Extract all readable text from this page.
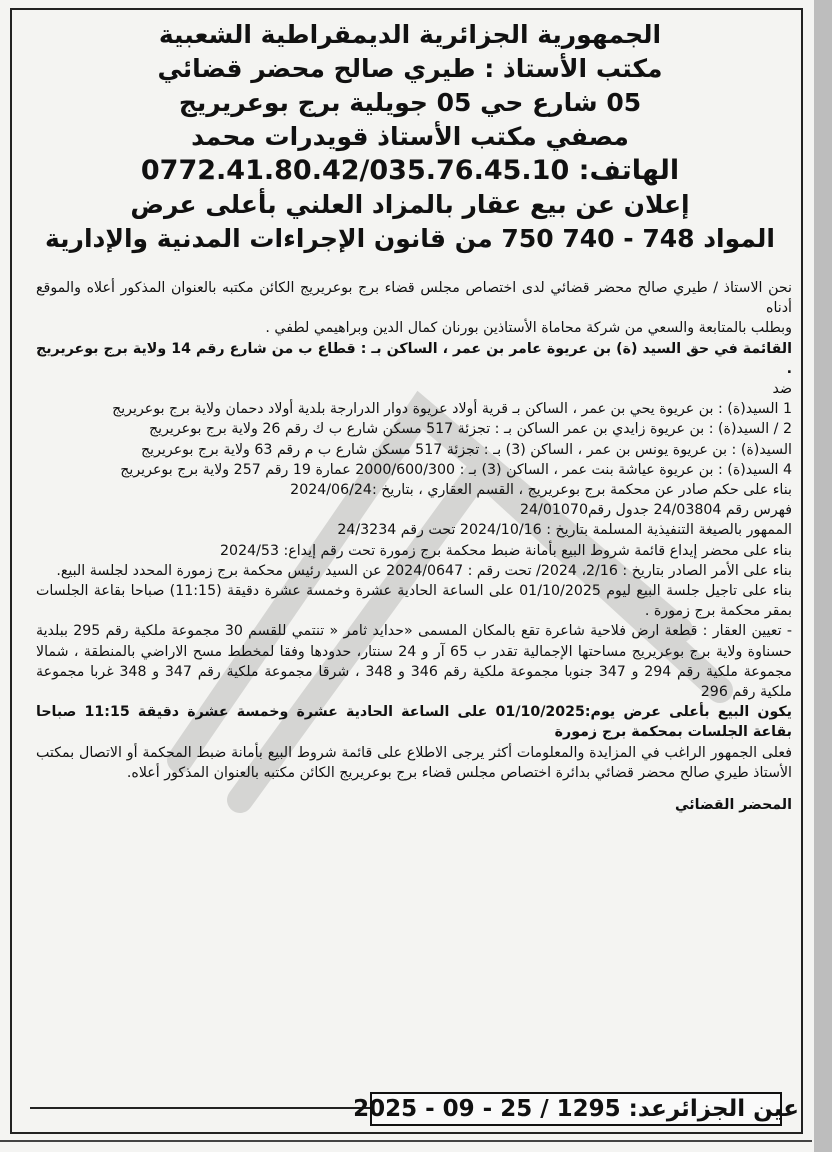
الجمهورية الجزائرية الديمقراطية الشعبية
مكتب الأستاذ : طيري صالح محضر قضائي
05 شارع حي 05 جويلية برج بوعريريج
مصفي مكتب الأستاذ قويدرات محمد
الهاتف: 0772.41.80.42/035.76.45.10
إعلان عن بيع عقار بالمزاد العلني بأعلى عرض
المواد 748 - 740 750 من قانون الإجراءات المدنية والإدارية

نحن الاستاذ / طيري صالح محضر قضائي لدى اختصاص مجلس قضاء برج بوعريريج الكائن مكتبه بالعنوان المذكور أعلاه والموقع أدناه

وبطلب بالمتابعة والسعي من شركة محاماة الأستاذين بورنان كمال الدين وبراهيمي لطفي .

القائمة في حق السيد (ة) بن عريوة عامر بن عمر ، الساكن بـ : قطاع ب من شارع رقم 14 ولاية برج بوعريريج .

ضد

1 السيد(ة) : بن عريوة يحي بن عمر ، الساكن بـ قرية أولاد عريوة دوار الدرارجة بلدية أولاد دحمان ولاية برج بوعريريج

2 / السيد(ة) : بن عريوة زايدي بن عمر الساكن بـ : تجزئة 517 مسكن شارع ب ك رقم 26 ولاية برج بوعريريج

السيد(ة) : بن عريوة يونس بن عمر ، الساكن (3) بـ : تجزئة 517 مسكن شارع ب م رقم 63 ولاية برج بوعريريج

4 السيد(ة) : بن عريوة عياشة بنت عمر ، الساكن (3) بـ : 2000/600/300 عمارة 19 رقم 257 ولاية برج بوعريريج

بناء على حكم صادر عن محكمة برج بوعريريج ، القسم العقاري ، بتاريخ :2024/06/24

فهرس رقم 24/03804 جدول رقم24/01070

الممهور بالصيغة التنفيذية المسلمة بتاريخ : 2024/10/16 تحت رقم 24/3234

بناء على محضر إيداع قائمة شروط البيع بأمانة ضبط محكمة برج زمورة تحت رقم إيداع: 2024/53

بناء على الأمر الصادر بتاريخ : 2/16، 2024/ تحت رقم : 2024/0647 عن السيد رئيس محكمة برج زمورة المحدد لجلسة البيع.

بناء على تاجيل جلسة البيع ليوم 01/10/2025 على الساعة الحادية عشرة وخمسة عشرة دقيقة (11:15) صباحا بقاعة الجلسات بمقر محكمة برج زمورة .

- تعيين العقار : قطعة ارض فلاحية شاعرة تقع بالمكان المسمى «حدايد ثامر « تنتمي للقسم 30 مجموعة ملكية رقم 295 ببلدية حسناوة ولاية برج بوعريريج مساحتها الإجمالية تقدر ب 65 آر و 24 سنتار، حدودها وفقا لمخطط مسح الاراضي بالمنطقة ، شمالا مجموعة ملكية رقم 294 و 347 جنوبا مجموعة ملكية رقم 346 و 348 ، شرقا مجموعة ملكية رقم 347 و 348 غربا مجموعة ملكية رقم 296

يكون البيع بأعلى عرض يوم:01/10/2025 على الساعة الحادية عشرة وخمسة عشرة دقيقة 11:15 صباحا بقاعة الجلسات بمحكمة برج زمورة

فعلى الجمهور الراغب في المزايدة والمعلومات أكثر يرجى الاطلاع على قائمة شروط البيع بأمانة ضبط المحكمة أو الاتصال بمكتب الأستاذ طيري صالح محضر قضائي بدائرة اختصاص مجلس قضاء برج بوعريريج الكائن مكتبه بالعنوان المذكور أعلاه.

المحضر القضائي

عين الجزائرعد: 1295 / 25 - 09 - 2025
